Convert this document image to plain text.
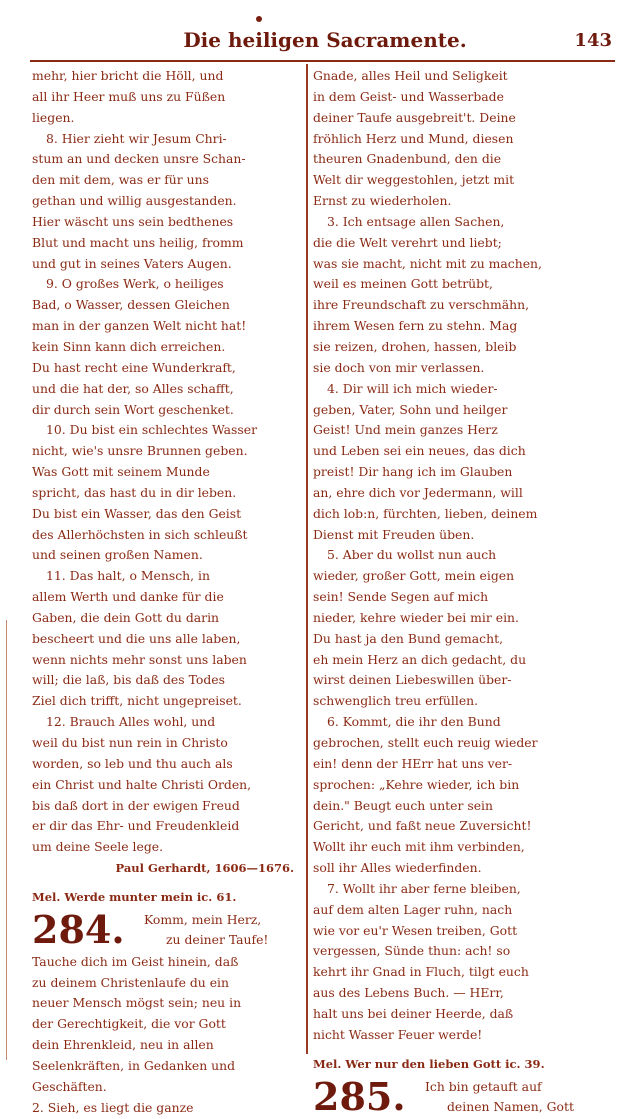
Die heiligen Sacramente.	143
mehr, hier bricht die Höll, und
all ihr Heer muß uns zu Füßen
liegen.
8. Hier zieht wir Jesum Chri-
stum an und decken unsre Schan-
den mit dem, was er für uns
gethan und willig ausgestanden.
Hier wäscht uns sein bedthenes
Blut und macht uns heilig, fromm
und gut in seines Vaters Augen.
9. O großes Werk, o heiliges
Bad, o Wasser, dessen Gleichen
man in der ganzen Welt nicht hat!
kein Sinn kann dich erreichen.
Du hast recht eine Wunderkraft,
und die hat der, so Alles schafft,
dir durch sein Wort geschenket.
10. Du bist ein schlechtes Wasser
nicht, wie's unsre Brunnen geben.
Was Gott mit seinem Munde
spricht, das hast du in dir leben.
Du bist ein Wasser, das den Geist
des Allerhöchsten in sich schleußt
und seinen großen Namen.
11. Das halt, o Mensch, in
allem Werth und danke für die
Gaben, die dein Gott du darin
bescheert und die uns alle laben,
wenn nichts mehr sonst uns laben
will; die laß, bis daß des Todes
Ziel dich trifft, nicht ungepreiset.
12. Brauch Alles wohl, und
weil du bist nun rein in Christo
worden, so leb und thu auch als
ein Christ und halte Christi Orden,
bis daß dort in der ewigen Freud
er dir das Ehr- und Freudenkleid
um deine Seele lege.
Paul Gerhardt, 1606—1676.
Mel. Werde munter mein ic. 61.
284. Komm, mein Herz,
zu deiner Taufe!
Tauche dich im Geist hinein, daß
zu deinem Christenlaufe du ein
neuer Mensch mögst sein; neu in
der Gerechtigkeit, die vor Gott
dein Ehrenkleid, neu in allen
Seelenkräften, in Gedanken und
Geschäften.
2. Sieh, es liegt die ganze
Gnade, alles Heil und Seligkeit
in dem Geist- und Wasserbade
deiner Taufe ausgebreit't. Deine
fröhlich Herz und Mund, diesen
theuren Gnadenbund, den die
Welt dir weggestohlen, jetzt mit
Ernst zu wiederholen.
3. Ich entsage allen Sachen,
die die Welt verehrt und liebt;
was sie macht, nicht mit zu machen,
weil es meinen Gott betrübt,
ihre Freundschaft zu verschmähn,
ihrem Wesen fern zu stehn. Mag
sie reizen, drohen, hassen, bleib
sie doch von mir verlassen.
4. Dir will ich mich wieder-
geben, Vater, Sohn und heilger
Geist! Und mein ganzes Herz
und Leben sei ein neues, das dich
preist! Dir hang ich im Glauben
an, ehre dich vor Jedermann, will
dich lob:n, fürchten, lieben, deinem
Dienst mit Freuden üben.
5. Aber du wollst nun auch
wieder, großer Gott, mein eigen
sein! Sende Segen auf mich
nieder, kehre wieder bei mir ein.
Du hast ja den Bund gemacht,
eh mein Herz an dich gedacht, du
wirst deinen Liebeswillen über-
schwenglich treu erfüllen.
6. Kommt, die ihr den Bund
gebrochen, stellt euch reuig wieder
ein! denn der HErr hat uns ver-
sprochen: „Kehre wieder, ich bin
dein." Beugt euch unter sein
Gericht, und faßt neue Zuversicht!
Wollt ihr euch mit ihm verbinden,
soll ihr Alles wiederfinden.
7. Wollt ihr aber ferne bleiben,
auf dem alten Lager ruhn, nach
wie vor eu'r Wesen treiben, Gott
vergessen, Sünde thun: ach! so
kehrt ihr Gnad in Fluch, tilgt euch
aus des Lebens Buch. — HErr,
halt uns bei deiner Heerde, daß
nicht Wasser Feuer werde!
Mel. Wer nur den lieben Gott ic. 39.
285. Ich bin getauft auf
deinen Namen, Gott
